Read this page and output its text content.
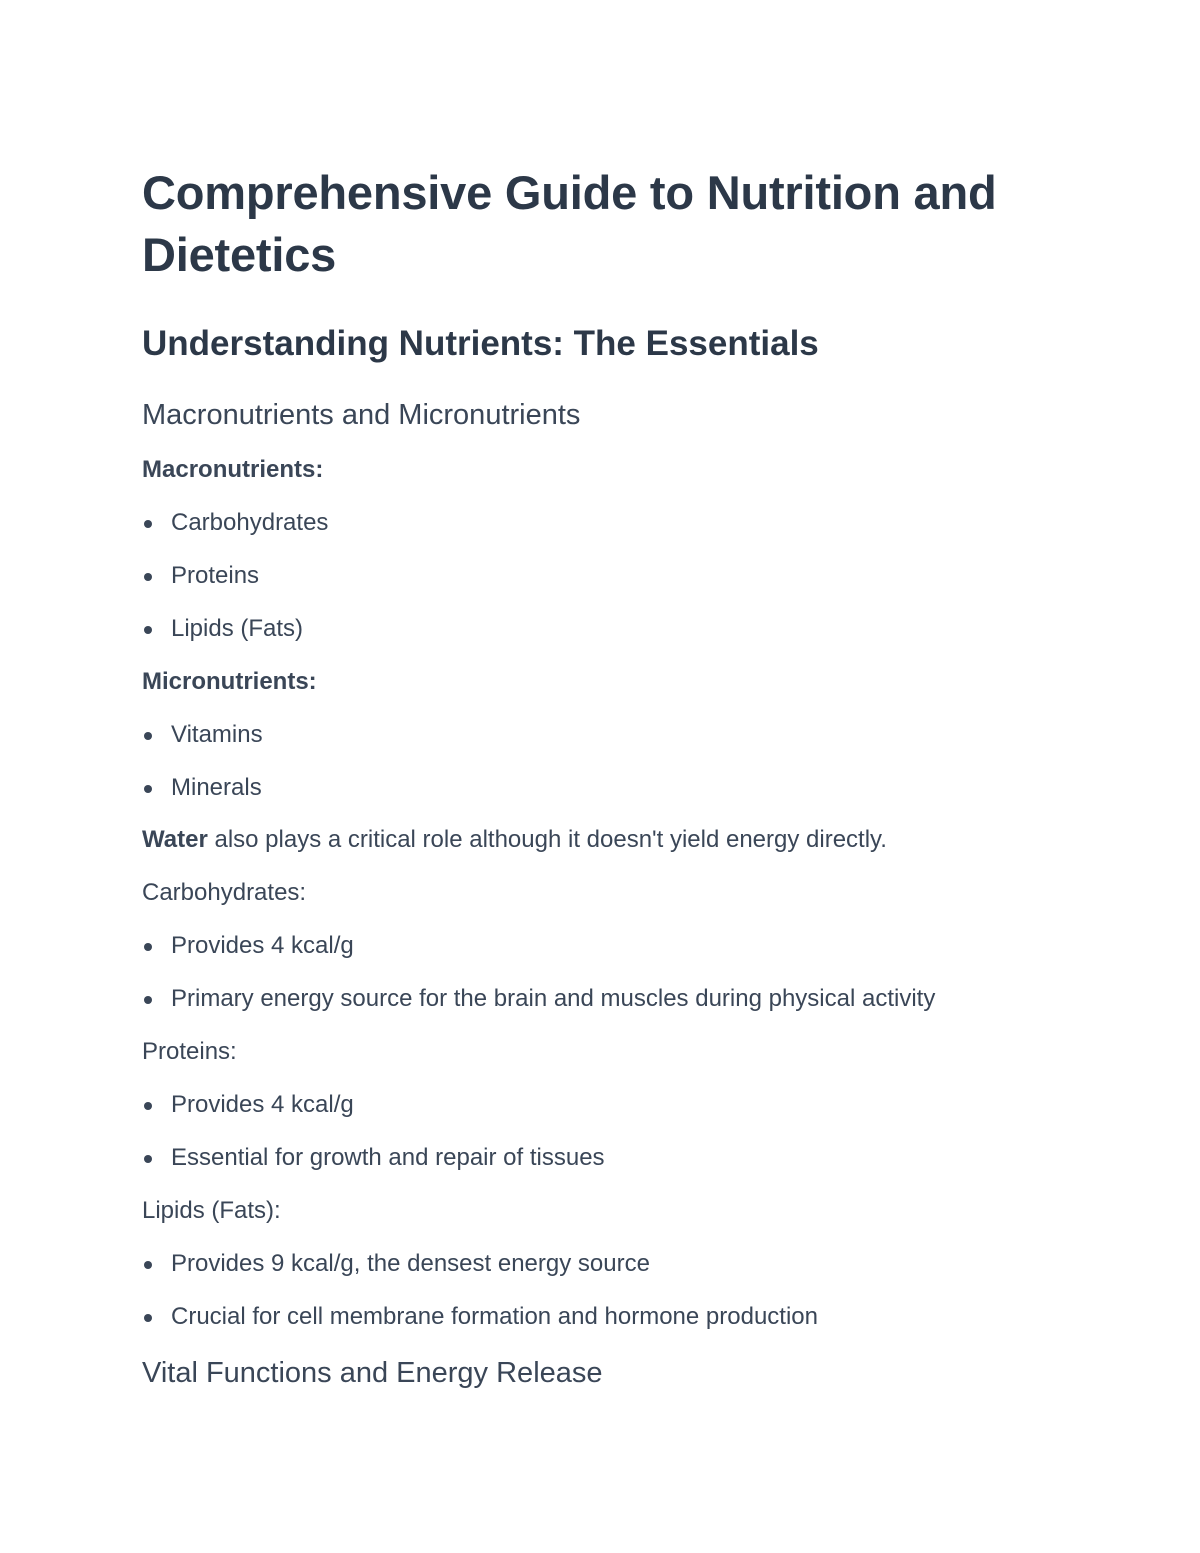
Comprehensive Guide to Nutrition and Dietetics
Understanding Nutrients: The Essentials
Macronutrients and Micronutrients
Macronutrients:
Carbohydrates
Proteins
Lipids (Fats)
Micronutrients:
Vitamins
Minerals
Water also plays a critical role although it doesn't yield energy directly.
Carbohydrates:
Provides 4 kcal/g
Primary energy source for the brain and muscles during physical activity
Proteins:
Provides 4 kcal/g
Essential for growth and repair of tissues
Lipids (Fats):
Provides 9 kcal/g, the densest energy source
Crucial for cell membrane formation and hormone production
Vital Functions and Energy Release
